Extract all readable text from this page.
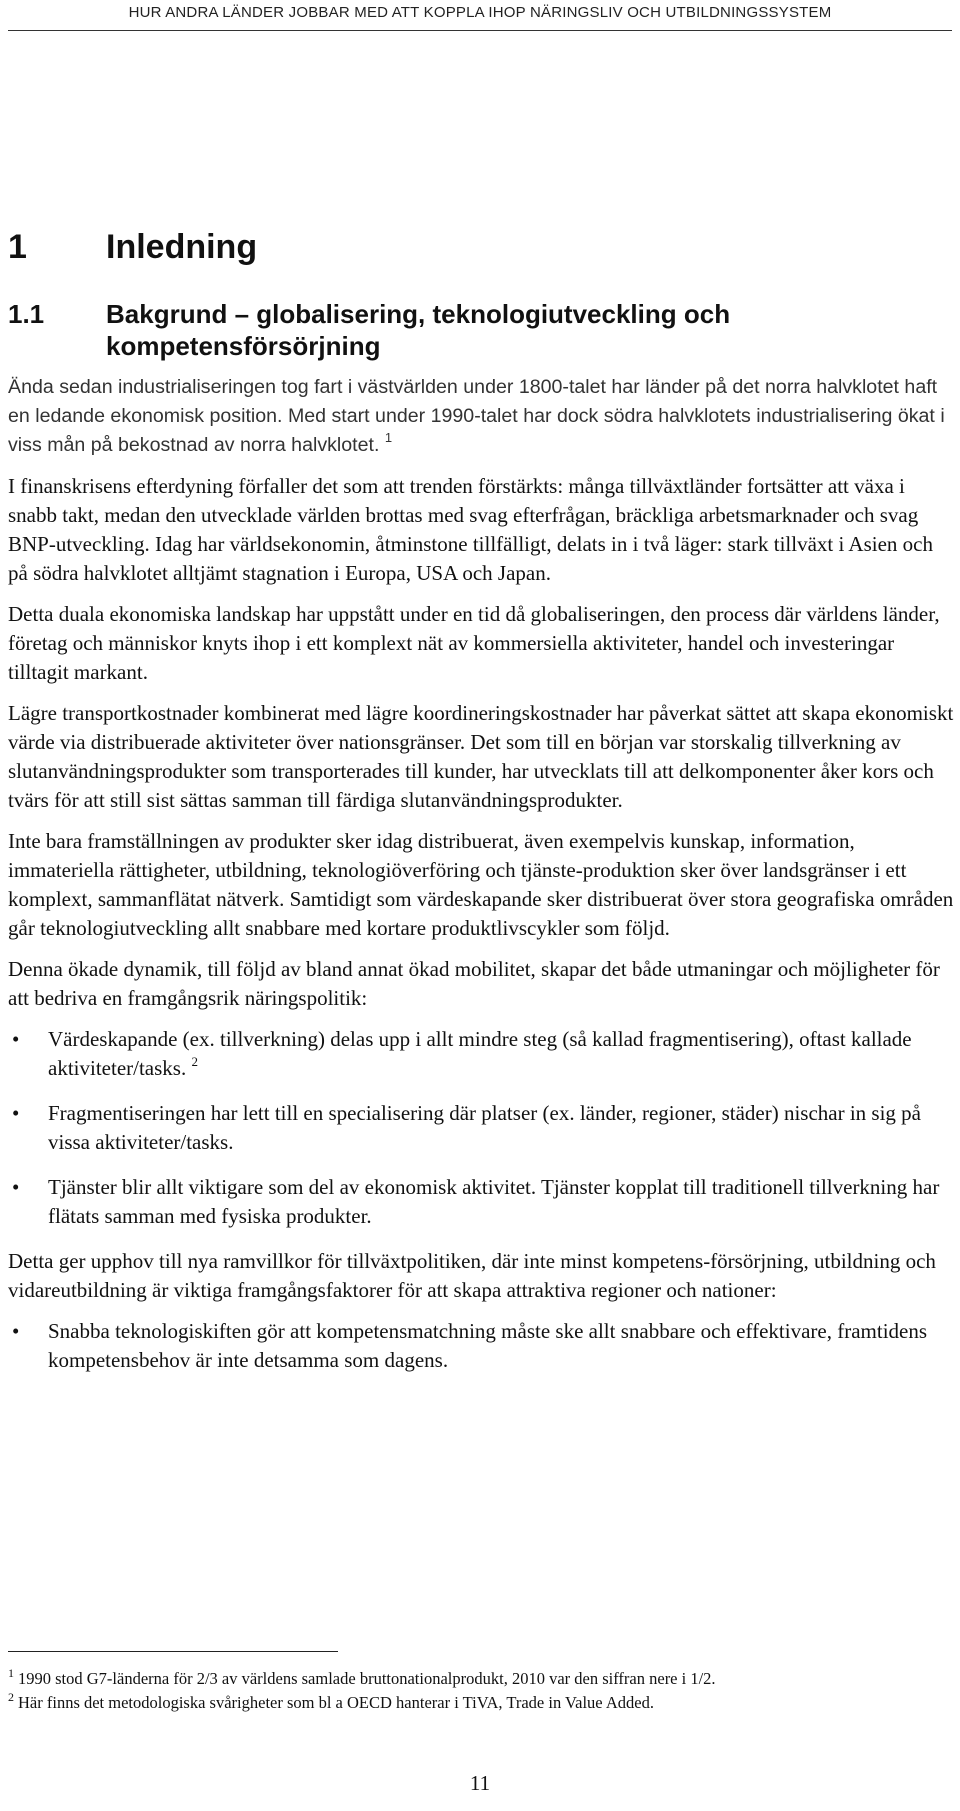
HUR ANDRA LÄNDER JOBBAR MED ATT KOPPLA IHOP NÄRINGSLIV OCH UTBILDNINGSSYSTEM
1 Inledning
1.1 Bakgrund – globalisering, teknologiutveckling och kompetensförsörjning

Ända sedan industrialiseringen tog fart i västvärlden under 1800-talet har länder på det norra halvklotet haft en ledande ekonomisk position. Med start under 1990-talet har dock södra halvklotets industrialisering ökat i viss mån på bekostnad av norra halvklotet. $^1$

I finanskrisens efterdyning förfaller det som att trenden förstärkts: många tillväxtländer fortsätter att växa i snabb takt, medan den utvecklade världen brottas med svag efterfrågan, bräckliga arbetsmarknader och svag BNP-utveckling. Idag har världsekonomin, åtminstone tillfälligt, delats in i två läger: stark tillväxt i Asien och på södra halvklotet alltjämt stagnation i Europa, USA och Japan.

Detta duala ekonomiska landskap har uppstått under en tid då globaliseringen, den process där världens länder, företag och människor knyts ihop i ett komplext nät av kommersiella aktiviteter, handel och investeringar tilltagit markant.

Lägre transportkostnader kombinerat med lägre koordineringskostnader har påverkat sättet att skapa ekonomiskt värde via distribuerade aktiviteter över nationsgränser. Det som till en början var storskalig tillverkning av slutanvändningsprodukter som transporterades till kunder, har utvecklats till att delkomponenter åker kors och tvärs för att still sist sättas samman till färdiga slutanvändningsprodukter.

Inte bara framställningen av produkter sker idag distribuerat, även exempelvis kunskap, information, immateriella rättigheter, utbildning, teknologiöverföring och tjänste-produktion sker över landsgränser i ett komplext, sammanflätat nätverk. Samtidigt som värdeskapande sker distribuerat över stora geografiska områden går teknologiutveckling allt snabbare med kortare produktlivscykler som följd.

Denna ökade dynamik, till följd av bland annat ökad mobilitet, skapar det både utmaningar och möjligheter för att bedriva en framgångsrik näringspolitik:

• Värdeskapande (ex. tillverkning) delas upp i allt mindre steg (så kallad fragmentisering), oftast kallade aktiviteter/tasks. $^2$
• Fragmentiseringen har lett till en specialisering där platser (ex. länder, regioner, städer) nischar in sig på vissa aktiviteter/tasks.
• Tjänster blir allt viktigare som del av ekonomisk aktivitet. Tjänster kopplat till traditionell tillverkning har flätats samman med fysiska produkter.

Detta ger upphov till nya ramvillkor för tillväxtpolitiken, där inte minst kompetens-försörjning, utbildning och vidareutbildning är viktiga framgångsfaktorer för att skapa attraktiva regioner och nationer:

• Snabba teknologiskiften gör att kompetensmatchning måste ske allt snabbare och effektivare, framtidens kompetensbehov är inte detsamma som dagens.
$^1$ 1990 stod G7-länderna för 2/3 av världens samlade bruttonationalprodukt, 2010 var den siffran nere i 1/2.
$^2$ Här finns det metodologiska svårigheter som bl a OECD hanterar i TiVA, Trade in Value Added.
11
